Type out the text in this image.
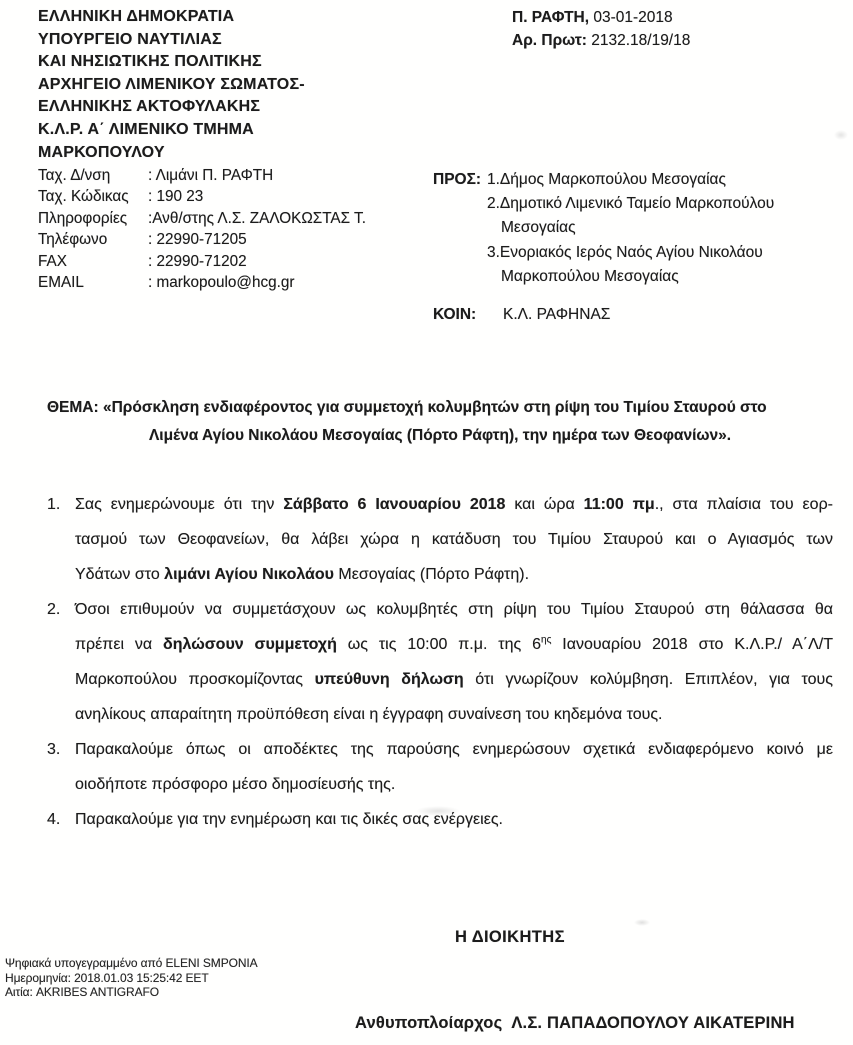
ΕΛΛΗΝΙΚΗ ΔΗΜΟΚΡΑΤΙΑ
ΥΠΟΥΡΓΕΙΟ ΝΑΥΤΙΛΙΑΣ
ΚΑΙ ΝΗΣΙΩΤΙΚΗΣ ΠΟΛΙΤΙΚΗΣ
ΑΡΧΗΓΕΙΟ ΛΙΜΕΝΙΚΟΥ ΣΩΜΑΤΟΣ-
ΕΛΛΗΝΙΚΗΣ ΑΚΤΟΦΥΛΑΚΗΣ
Κ.Λ.Ρ. Α΄ ΛΙΜΕΝΙΚΟ ΤΜΗΜΑ
ΜΑΡΚΟΠΟΥΛΟΥ
Ταχ. Δ/νση	: Λιμάνι Π. ΡΑΦΤΗ
Ταχ. Κώδικας	: 190 23
Πληροφορίες	:Ανθ/στης Λ.Σ. ΖΑΛΟΚΩΣΤΑΣ Τ.
Τηλέφωνο	: 22990-71205
FAX	: 22990-71202
EMAIL	: markopoulo@hcg.gr
Π. ΡΑΦΤΗ, 03-01-2018
Αρ. Πρωτ: 2132.18/19/18
ΠΡΟΣ: 1.Δήμος Μαρκοπούλου Μεσογαίας
2.Δημοτικό Λιμενικό Ταμείο Μαρκοπούλου
Μεσογαίας
3.Ενοριακός Ιερός Ναός Αγίου Νικολάου
Μαρκοπούλου Μεσογαίας
ΚΟΙΝ:	Κ.Λ. ΡΑΦΗΝΑΣ
ΘΕΜΑ: «Πρόσκληση ενδιαφέροντος για συμμετοχή κολυμβητών στη ρίψη του Τιμίου Σταυρού στο
Λιμένα Αγίου Νικολάου Μεσογαίας (Πόρτο Ράφτη), την ημέρα των Θεοφανίων».
1. Σας ενημερώνουμε ότι την Σάββατο 6 Ιανουαρίου 2018 και ώρα 11:00 πμ., στα πλαίσια του εορ-
τασμού των Θεοφανείων, θα λάβει χώρα η κατάδυση του Τιμίου Σταυρού και ο Αγιασμός των
Υδάτων στο λιμάνι Αγίου Νικολάου Μεσογαίας (Πόρτο Ράφτη).
2. Όσοι επιθυμούν να συμμετάσχουν ως κολυμβητές στη ρίψη του Τιμίου Σταυρού στη θάλασσα θα
πρέπει να δηλώσουν συμμετοχή ως τις 10:00 π.μ. της $6^{\eta\varsigma}$ Ιανουαρίου 2018 στο Κ.Λ.Ρ./ Α΄Λ/Τ
Μαρκοπούλου προσκομίζοντας υπεύθυνη δήλωση ότι γνωρίζουν κολύμβηση. Επιπλέον, για τους
ανηλίκους απαραίτητη προϋπόθεση είναι η έγγραφη συναίνεση του κηδεμόνα τους.
3. Παρακαλούμε όπως οι αποδέκτες της παρούσης ενημερώσουν σχετικά ενδιαφερόμενο κοινό με
οιοδήποτε πρόσφορο μέσο δημοσίευσής της.
4. Παρακαλούμε για την ενημέρωση και τις δικές σας ενέργειες.
Η ΔΙΟΙΚΗΤΗΣ
Ψηφιακά υπογεγραμμένο από ELENI SMPONIA
Ημερομηνία: 2018.01.03 15:25:42 EET
Αιτία: AKRIBES ANTIGRAFO
Ανθυποπλοίαρχος  Λ.Σ. ΠΑΠΑΔΟΠΟΥΛΟΥ ΑΙΚΑΤΕΡΙΝΗ
